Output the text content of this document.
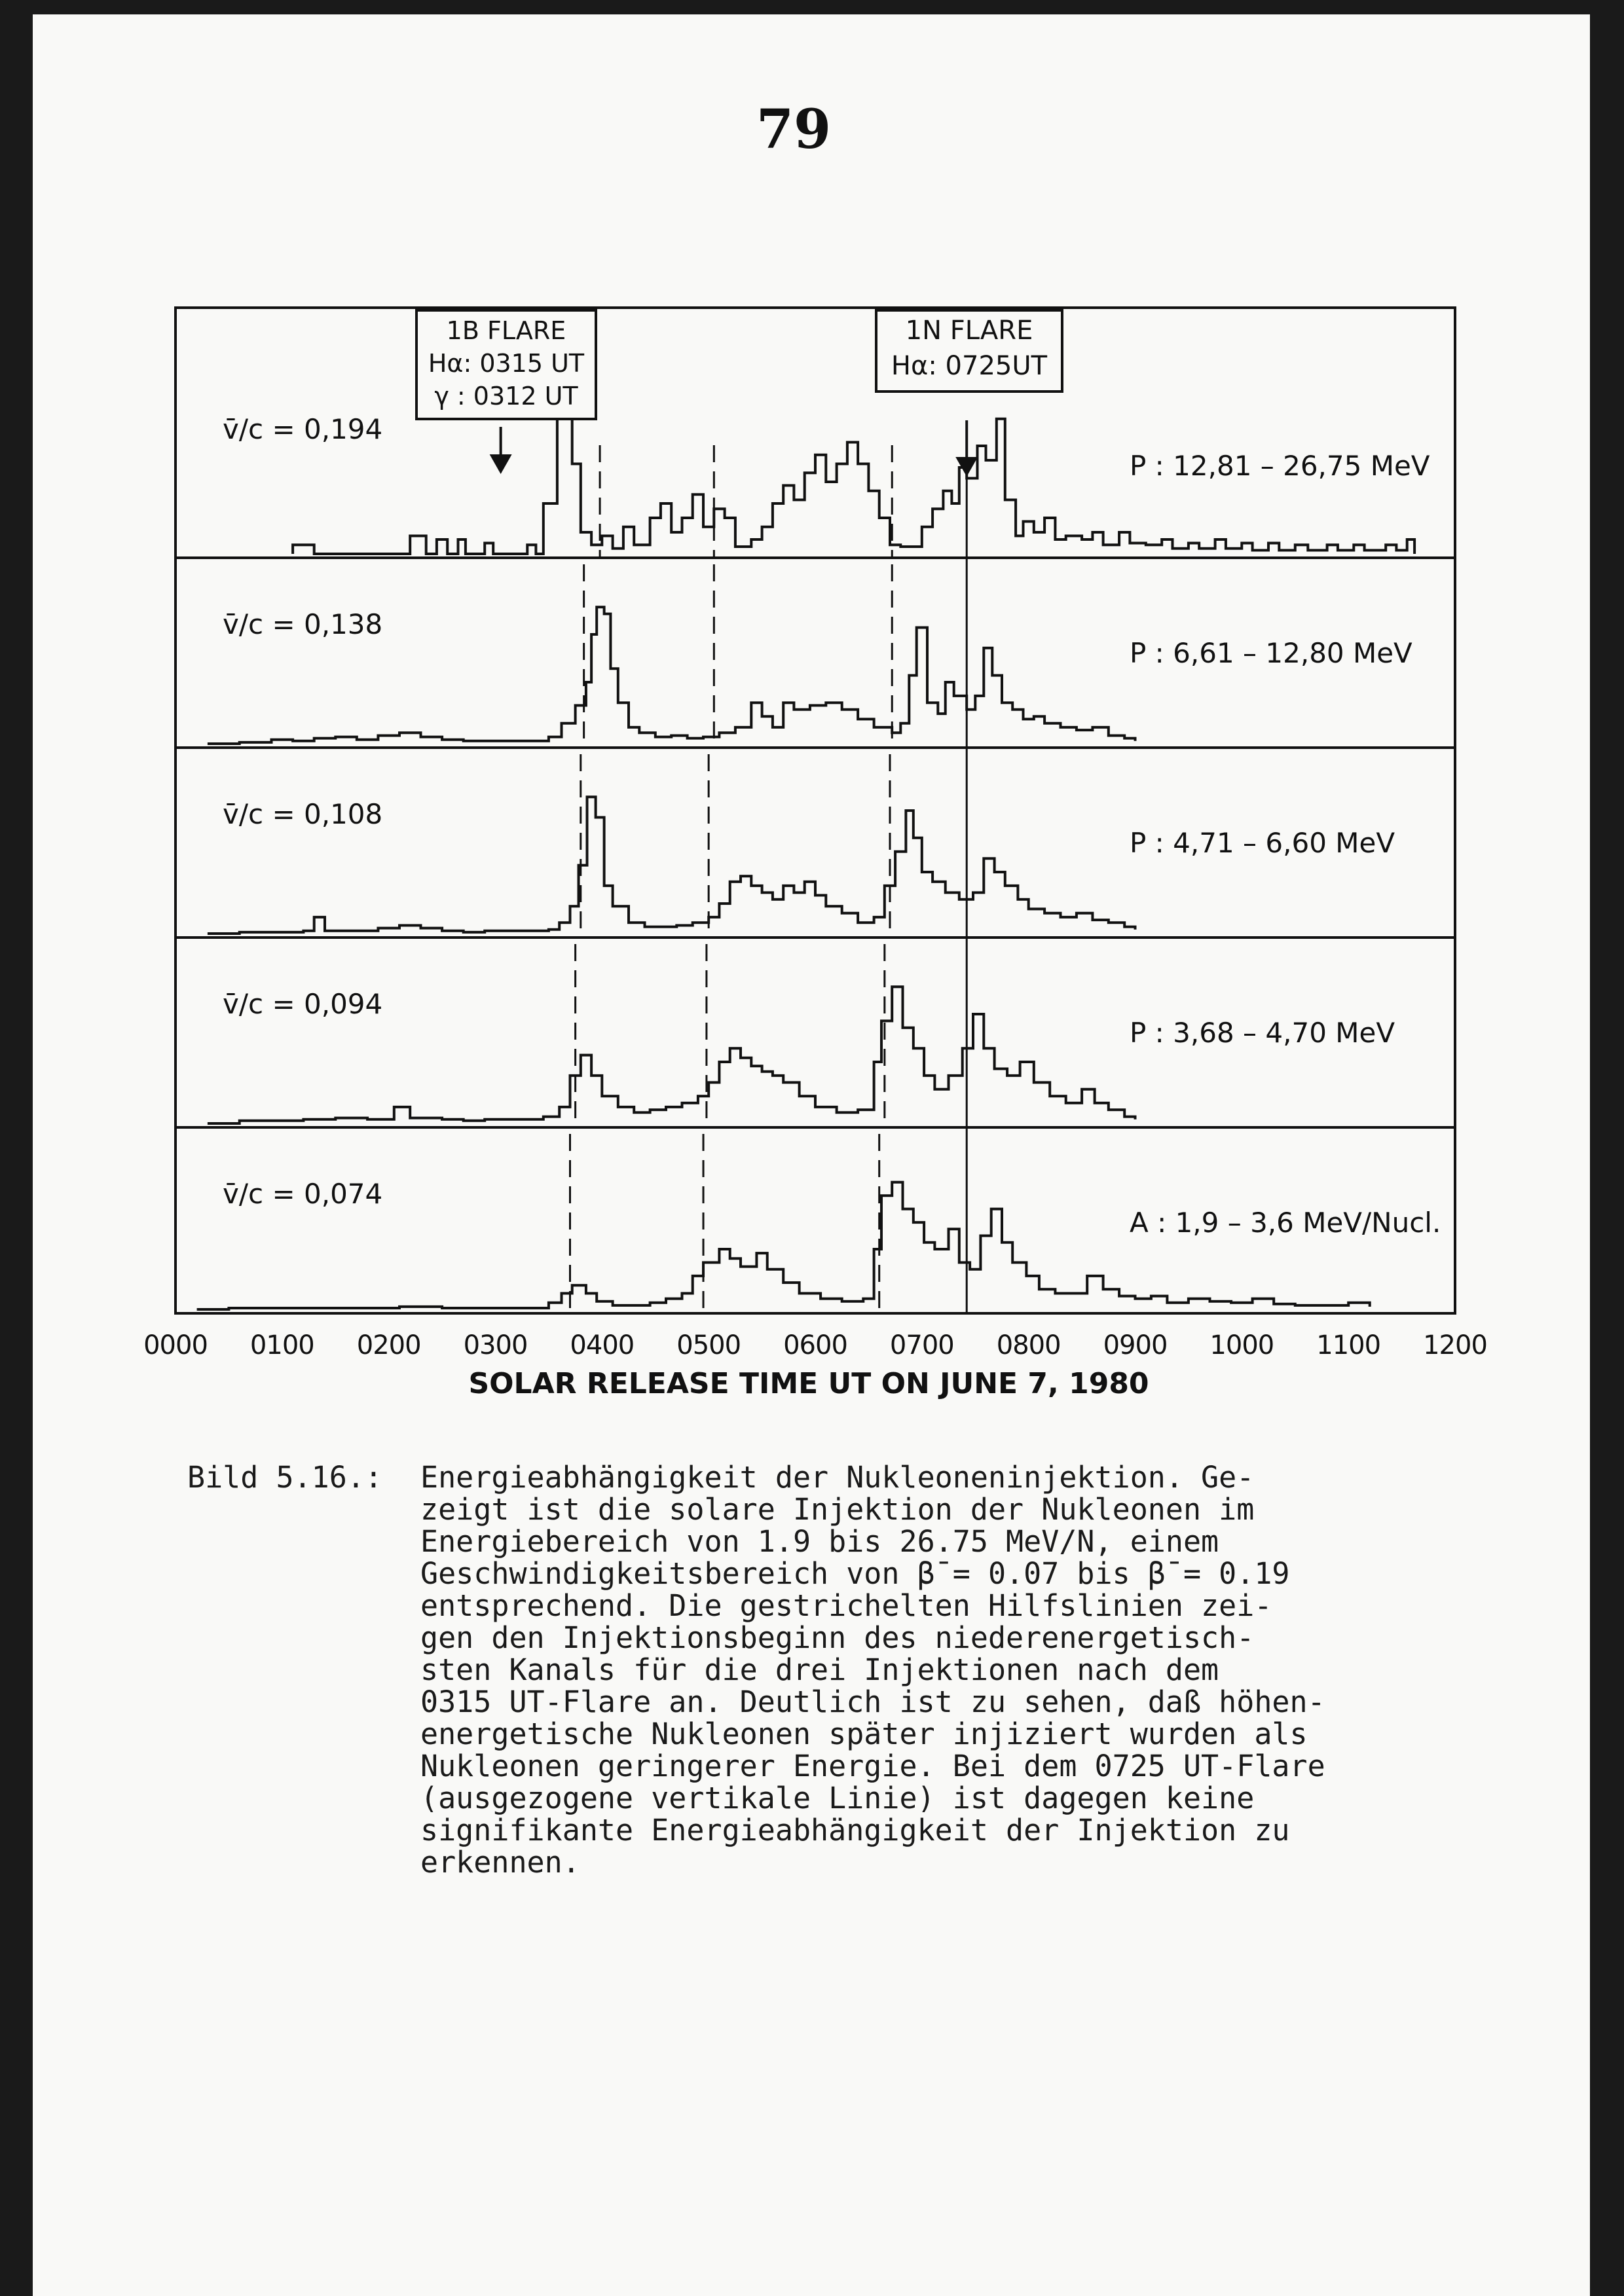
79
0000 0100 0200 0300 0400 0500 0600 0700 0800 0900 1000 1100 1200
SOLAR RELEASE TIME UT ON JUNE 7, 1980
v̄/c = 0,194
P : 12,81 – 26,75 MeV
v̄/c = 0,138
P : 6,61 – 12,80 MeV
v̄/c = 0,108
P : 4,71 – 6,60 MeV
v̄/c = 0,094
P : 3,68 – 4,70 MeV
v̄/c = 0,074
A : 1,9 – 3,6 MeV/Nucl.
1B FLARE
Hα: 0315 UT
γ : 0312 UT
1N FLARE
Hα: 0725UT
Bild 5.16.: Energieabhängigkeit der Nukleoneninjektion. Ge-
zeigt ist die solare Injektion der Nukleonen im
Energiebereich von 1.9 bis 26.75 MeV/N, einem
Geschwindigkeitsbereich von β̄ = 0.07 bis β̄ = 0.19
entsprechend. Die gestrichelten Hilfslinien zei-
gen den Injektionsbeginn des niederenergetisch-
sten Kanals für die drei Injektionen nach dem
0315 UT-Flare an. Deutlich ist zu sehen, daß höhen-
energetische Nukleonen später injiziert wurden als
Nukleonen geringerer Energie. Bei dem 0725 UT-Flare
(ausgezogene vertikale Linie) ist dagegen keine
signifikante Energieabhängigkeit der Injektion zu
erkennen.
